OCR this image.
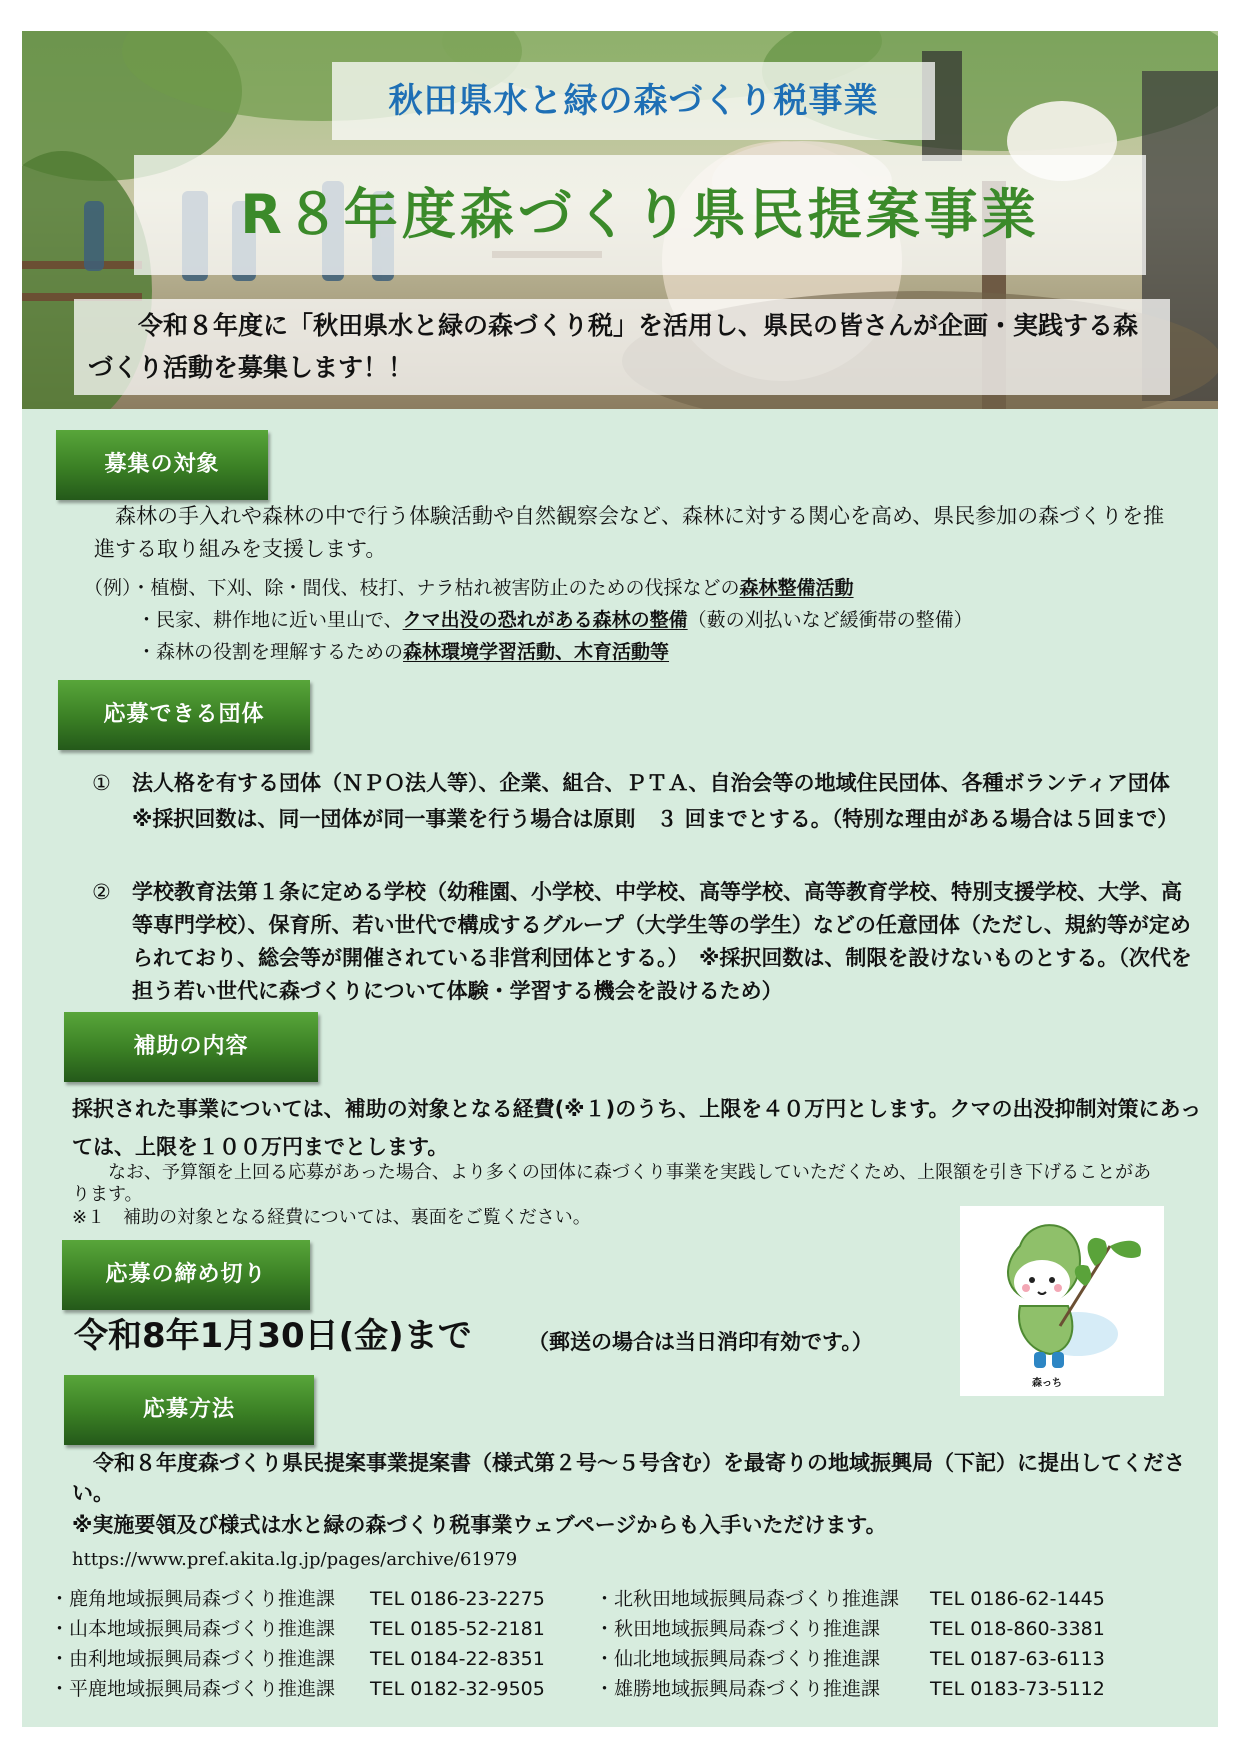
秋田県水と緑の森づくり税事業
R８年度森づくり県民提案事業
令和８年度に「秋田県水と緑の森づくり税」を活用し、県民の皆さんが企画・実践する森づくり活動を募集します！！
募集の対象
森林の手入れや森林の中で行う体験活動や自然観察会など、森林に対する関心を高め、県民参加の森づくりを推進する取り組みを支援します。
（例）・植樹、下刈、除・間伐、枝打、ナラ枯れ被害防止のための伐採などの森林整備活動
・民家、耕作地に近い里山で、クマ出没の恐れがある森林の整備（藪の刈払いなど緩衝帯の整備）
・森林の役割を理解するための森林環境学習活動、木育活動等
応募できる団体
①	法人格を有する団体（ＮＰＯ法人等）、企業、組合、ＰＴＡ、自治会等の地域住民団体、各種ボランティア団体　※採択回数は、同一団体が同一事業を行う場合は原則　３ 回までとする。（特別な理由がある場合は５回まで）
②	学校教育法第１条に定める学校（幼稚園、小学校、中学校、高等学校、高等教育学校、特別支援学校、大学、高等専門学校）、保育所、若い世代で構成するグループ（大学生等の学生）などの任意団体（ただし、規約等が定められており、総会等が開催されている非営利団体とする。）　※採択回数は、制限を設けないものとする。（次代を担う若い世代に森づくりについて体験・学習する機会を設けるため）
補助の内容
採択された事業については、補助の対象となる経費(※１)のうち、上限を４０万円とします。クマの出没抑制対策にあっては、上限を１００万円までとします。
なお、予算額を上回る応募があった場合、より多くの団体に森づくり事業を実践していただくため、上限額を引き下げることがあります。
※１　補助の対象となる経費については、裏面をご覧ください。
応募の締め切り
令和8年1月30日(金)まで	（郵送の場合は当日消印有効です。）
応募方法
令和８年度森づくり県民提案事業提案書（様式第２号～５号含む）を最寄りの地域振興局（下記）に提出してください。
※実施要領及び様式は水と緑の森づくり税事業ウェブページからも入手いただけます。
https://www.pref.akita.lg.jp/pages/archive/61979
・鹿角地域振興局森づくり推進課 TEL 0186-23-2275	・北秋田地域振興局森づくり推進課 TEL 0186-62-1445
・山本地域振興局森づくり推進課 TEL 0185-52-2181	・秋田地域振興局森づくり推進課	TEL 018-860-3381
・由利地域振興局森づくり推進課 TEL 0184-22-8351	・仙北地域振興局森づくり推進課	TEL 0187-63-6113
・平鹿地域振興局森づくり推進課 TEL 0182-32-9505	・雄勝地域振興局森づくり推進課	TEL 0183-73-5112
森っち
